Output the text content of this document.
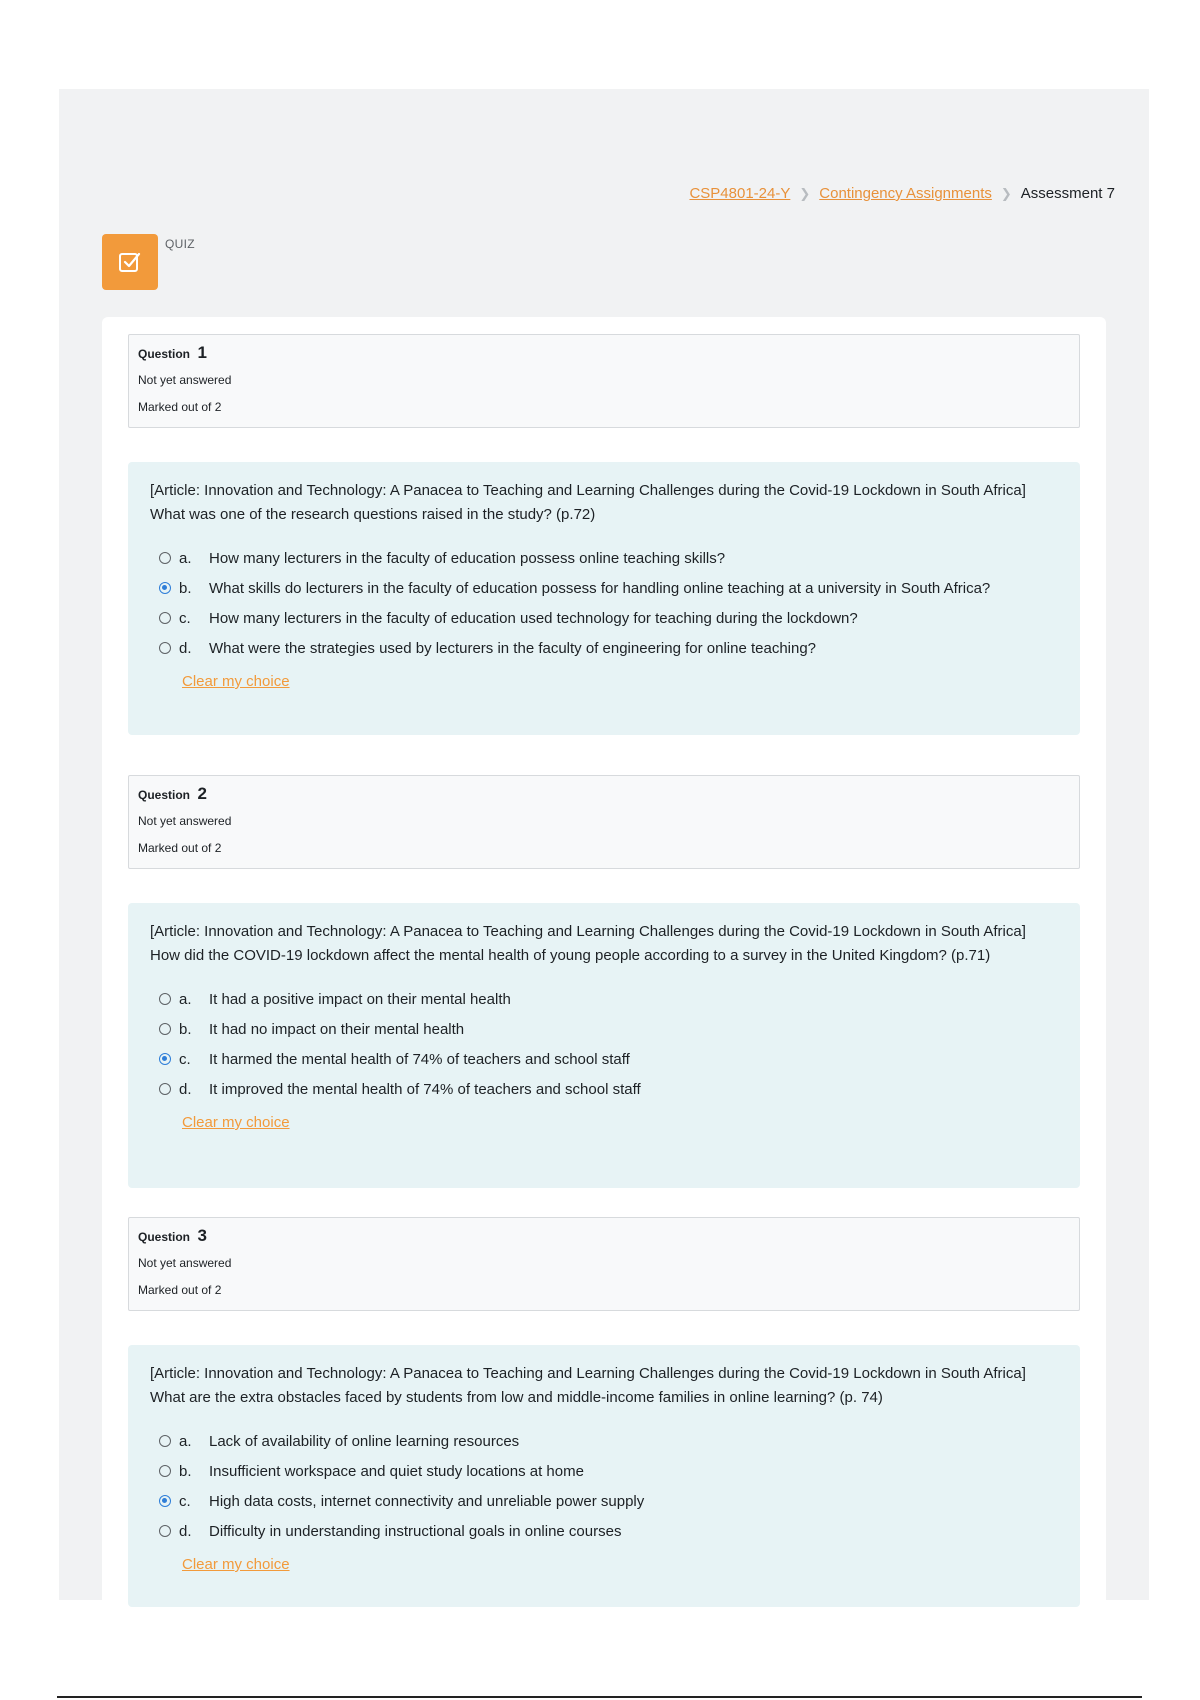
CSP4801-24-Y ❯ Contingency Assignments ❯ Assessment 7
QUIZ
Question 1
Not yet answered
Marked out of 2

[Article: Innovation and Technology: A Panacea to Teaching and Learning Challenges during the Covid-19 Lockdown in South Africa] What was one of the research questions raised in the study? (p.72)

a.	How many lecturers in the faculty of education possess online teaching skills?
b.	What skills do lecturers in the faculty of education possess for handling online teaching at a university in South Africa?
c.	How many lecturers in the faculty of education used technology for teaching during the lockdown?
d.	What were the strategies used by lecturers in the faculty of engineering for online teaching?
Clear my choice
Question 2
Not yet answered
Marked out of 2

[Article: Innovation and Technology: A Panacea to Teaching and Learning Challenges during the Covid-19 Lockdown in South Africa] How did the COVID-19 lockdown affect the mental health of young people according to a survey in the United Kingdom? (p.71)

a.	It had a positive impact on their mental health
b.	It had no impact on their mental health
c.	It harmed the mental health of 74% of teachers and school staff
d.	It improved the mental health of 74% of teachers and school staff
Clear my choice
Question 3
Not yet answered
Marked out of 2

[Article: Innovation and Technology: A Panacea to Teaching and Learning Challenges during the Covid-19 Lockdown in South Africa] What are the extra obstacles faced by students from low and middle-income families in online learning? (p. 74)

a.	Lack of availability of online learning resources
b.	Insufficient workspace and quiet study locations at home
c.	High data costs, internet connectivity and unreliable power supply
d.	Difficulty in understanding instructional goals in online courses
Clear my choice
